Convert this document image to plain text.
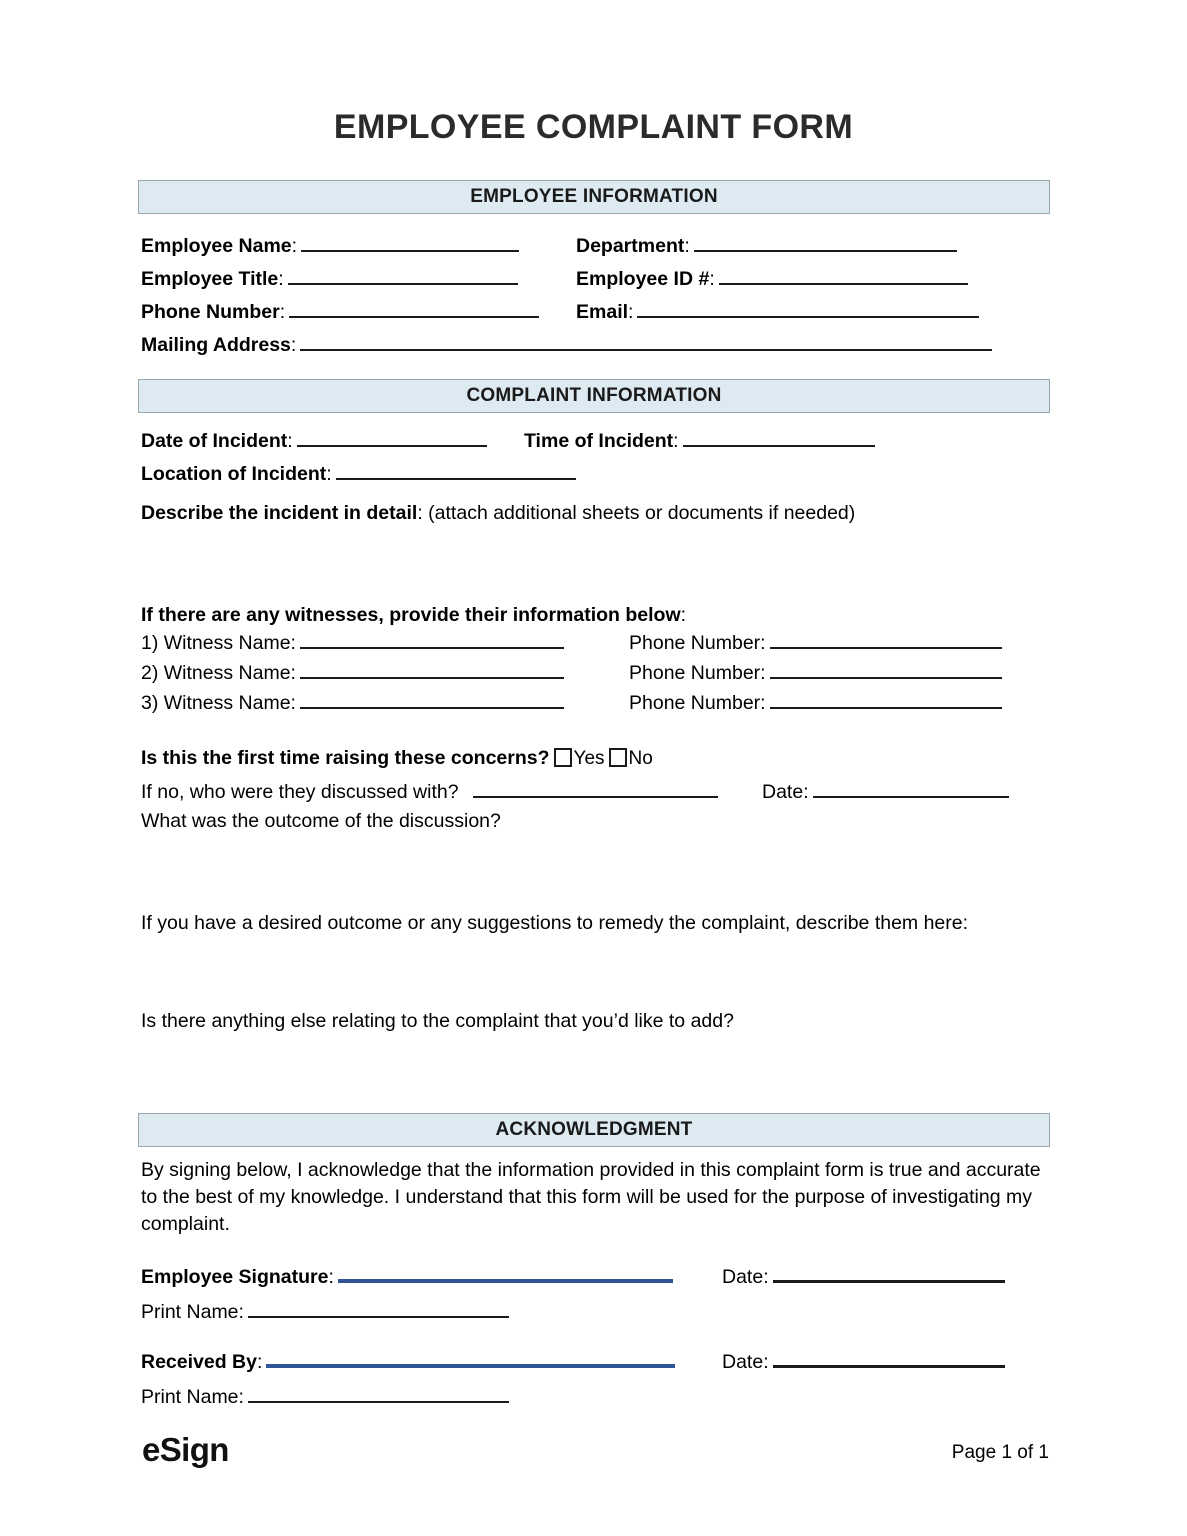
EMPLOYEE COMPLAINT FORM
EMPLOYEE INFORMATION
Employee Name:	Department:
Employee Title:	Employee ID #:
Phone Number:	Email:
Mailing Address:
COMPLAINT INFORMATION
Date of Incident:	Time of Incident:
Location of Incident:
Describe the incident in detail: (attach additional sheets or documents if needed)
If there are any witnesses, provide their information below:
1) Witness Name:	Phone Number:
2) Witness Name:	Phone Number:
3) Witness Name:	Phone Number:
Is this the first time raising these concerns? Yes No
If no, who were they discussed with?	Date:
What was the outcome of the discussion?
If you have a desired outcome or any suggestions to remedy the complaint, describe them here:
Is there anything else relating to the complaint that you’d like to add?
ACKNOWLEDGMENT
By signing below, I acknowledge that the information provided in this complaint form is true and accurate to the best of my knowledge. I understand that this form will be used for the purpose of investigating my complaint.
Employee Signature:	Date:
Print Name:
Received By:	Date:
Print Name:
eSign	Page 1 of 1
